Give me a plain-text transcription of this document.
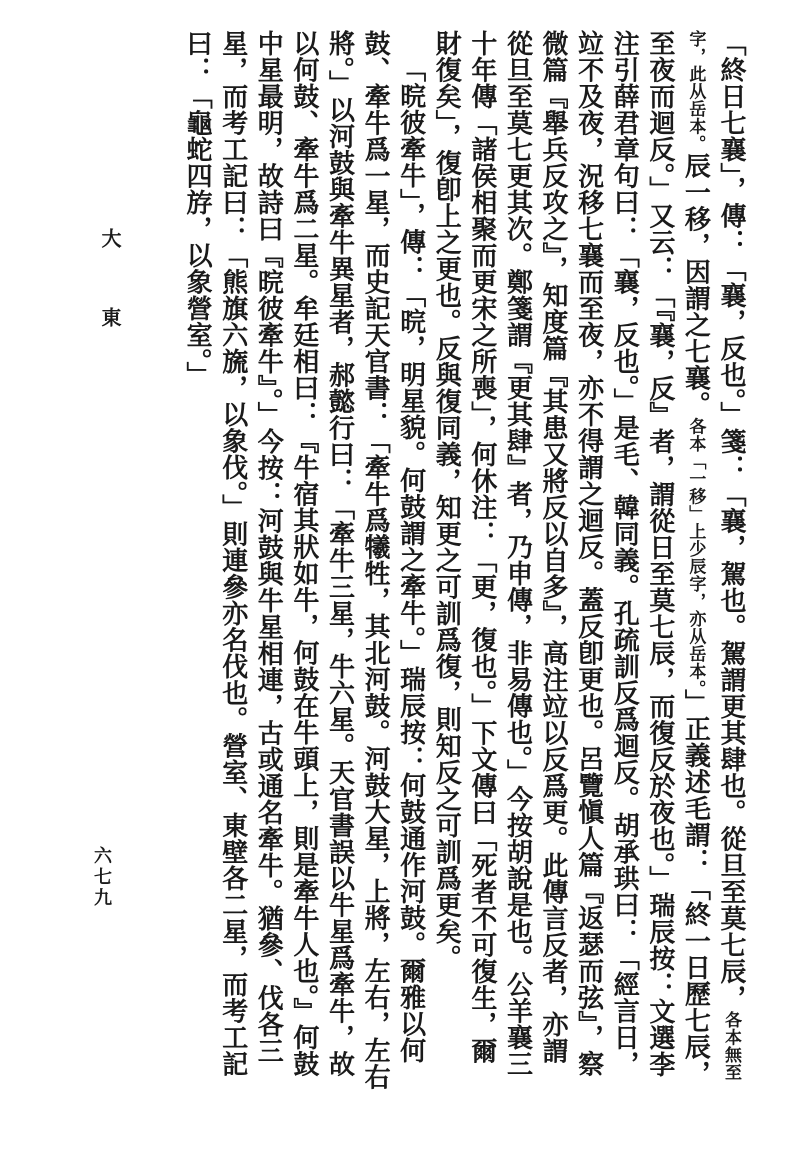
大 東
六七九	「終日七襄」，傳：「襄，反也。」箋：「襄，駕也。駕謂更其肆也。從旦至莫七辰，各本無至字，此从岳本。辰一移，因謂之七襄。各本「一移」上少辰字，亦从岳本。」正義述毛謂：「終一日歷七辰，至夜而迴反。」又云：「『襄，反』者，謂從日至莫七辰，而復反於夜也。」瑞辰按：文選李注引薛君章句曰：「襄，反也。」是毛、韓同義。孔疏訓反爲迴反。胡承珙曰：「經言日，竝不及夜，況移七襄而至夜，亦不得謂之迴反。蓋反卽更也。呂覽愼人篇『返瑟而弦』，察微篇『舉兵反攻之』，知度篇『其患又將反以自多』，高注竝以反爲更。此傳言反者，亦謂從旦至莫七更其次。鄭箋謂『更其肆』者，乃申傳，非易傳也。」今按胡說是也。公羊襄三十年傳「諸侯相聚而更宋之所喪」，何休注：「更，復也。」下文傳曰「死者不可復生，爾財復矣」，復卽上之更也。反與復同義，知更之可訓爲復，則知反之可訓爲更矣。

「晥彼牽牛」，傳：「晥，明星貌。何鼓謂之牽牛。」瑞辰按：何鼓通作河鼓。爾雅以何鼓、牽牛爲一星，而史記天官書：「牽牛爲犧牲，其北河鼓。河鼓大星，上將，左右，左右將。」以河鼓與牽牛異星者，郝懿行曰：「牽牛三星，牛六星。天官書誤以牛星爲牽牛，故以何鼓、牽牛爲二星。牟廷相曰：『牛宿其狀如牛，何鼓在牛頭上，則是牽牛人也。』何鼓中星最明，故詩曰『晥彼牽牛』。」今按：河鼓與牛星相連，古或通名牽牛。猶參、伐各三星，而考工記曰：「熊旗六旒，以象伐。」則連參亦名伐也。營室、東壁各二星，而考工記曰：「龜蛇四斿，以象營室。」
